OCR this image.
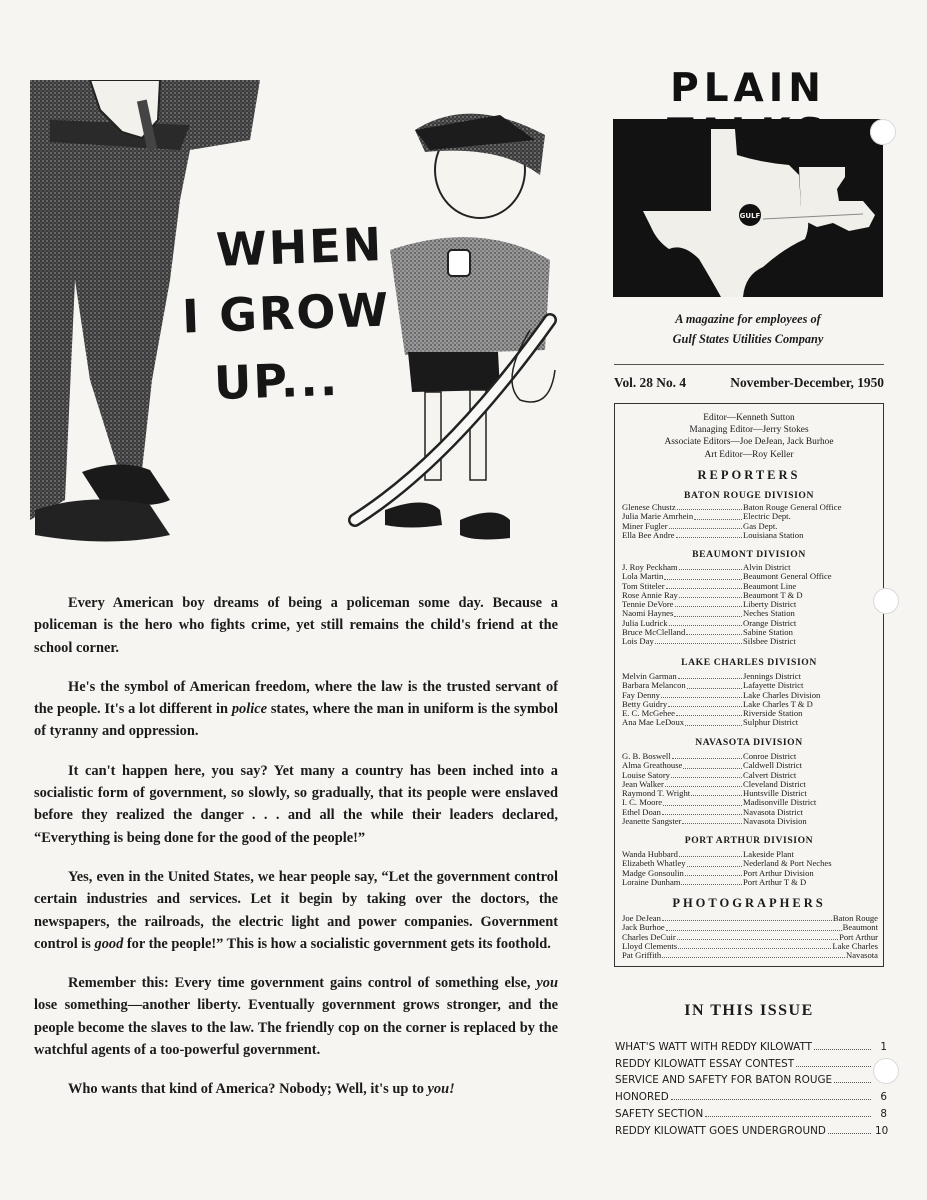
WHEN
I GROW
UP...

Every American boy dreams of being a policeman some day. Because a policeman is the hero who fights crime, yet still remains the child's friend at the school corner.

He's the symbol of American freedom, where the law is the trusted servant of the people. It's a lot different in police states, where the man in uniform is the symbol of tyranny and oppression.

It can't happen here, you say? Yet many a country has been inched into a socialistic form of government, so slowly, so gradually, that its people were enslaved before they realized the danger . . . and all the while their leaders declared, “Everything is being done for the good of the people!”

Yes, even in the United States, we hear people say, “Let the government control certain industries and services. Let it begin by taking over the doctors, the newspapers, the railroads, the electric light and power companies. Government control is good for the people!” This is how a socialistic government gets its foothold.

Remember this: Every time government gains control of something else, you lose something—another liberty. Eventually government grows stronger, and the people become the slaves to the law. The friendly cop on the corner is replaced by the watchful agents of a too-powerful government.

Who wants that kind of America? Nobody; Well, it's up to you!

PLAIN
GULF
A magazine for employees of
Gulf States Utilities Company
Vol. 28 No. 4	November-December, 1950
Editor—Kenneth Sutton
Managing Editor—Jerry Stokes
Associate Editors—Joe DeJean, Jack Burhoe
Art Editor—Roy Keller
REPORTERS
BATON ROUGE DIVISION
Glenese Chustz	Baton Rouge General Office
Julia Marie Amrhein	Electric Dept.
Miner Fugler	Gas Dept.
Ella Bee Andre	Louisiana Station
BEAUMONT DIVISION
J. Roy Peckham	Alvin District
Lola Martin	Beaumont General Office
Tom Stiteler	Beaumont Line
Rose Annie Ray	Beaumont T & D
Tennie DeVore	Liberty District
Naomi Haynes	Neches Station
Julia Ludrick	Orange District
Bruce McClelland	Sabine Station
Lois Day	Silsbee District
LAKE CHARLES DIVISION
Melvin Garman	Jennings District
Barbara Melancon	Lafayette District
Fay Denny	Lake Charles Division
Betty Guidry	Lake Charles T & D
E. C. McGehee	Riverside Station
Ana Mae LeDoux	Sulphur District
NAVASOTA DIVISION
G. B. Boswell	Conroe District
Alma Greathouse	Caldwell District
Louise Satory	Calvert District
Jean Walker	Cleveland District
Raymond T. Wright	Huntsville District
I. C. Moore	Madisonville District
Ethel Doan	Navasota District
Jeanette Sangster	Navasota Division
PORT ARTHUR DIVISION
Wanda Hubbard	Lakeside Plant
Elizabeth Whatley	Nederland & Port Neches
Madge Gonsoulin	Port Arthur Division
Loraine Dunham	Port Arthur T & D
PHOTOGRAPHERS
Joe DeJean	Baton Rouge
Jack Burhoe	Beaumont
Charles DeCuir	Port Arthur
Lloyd Clements	Lake Charles
Pat Griffith	Navasota
IN THIS ISSUE
WHAT'S WATT WITH REDDY KILOWATT	1
REDDY KILOWATT ESSAY CONTEST
SERVICE AND SAFETY FOR BATON ROUGE
HONORED	6
SAFETY SECTION	8
REDDY KILOWATT GOES UNDERGROUND	10
